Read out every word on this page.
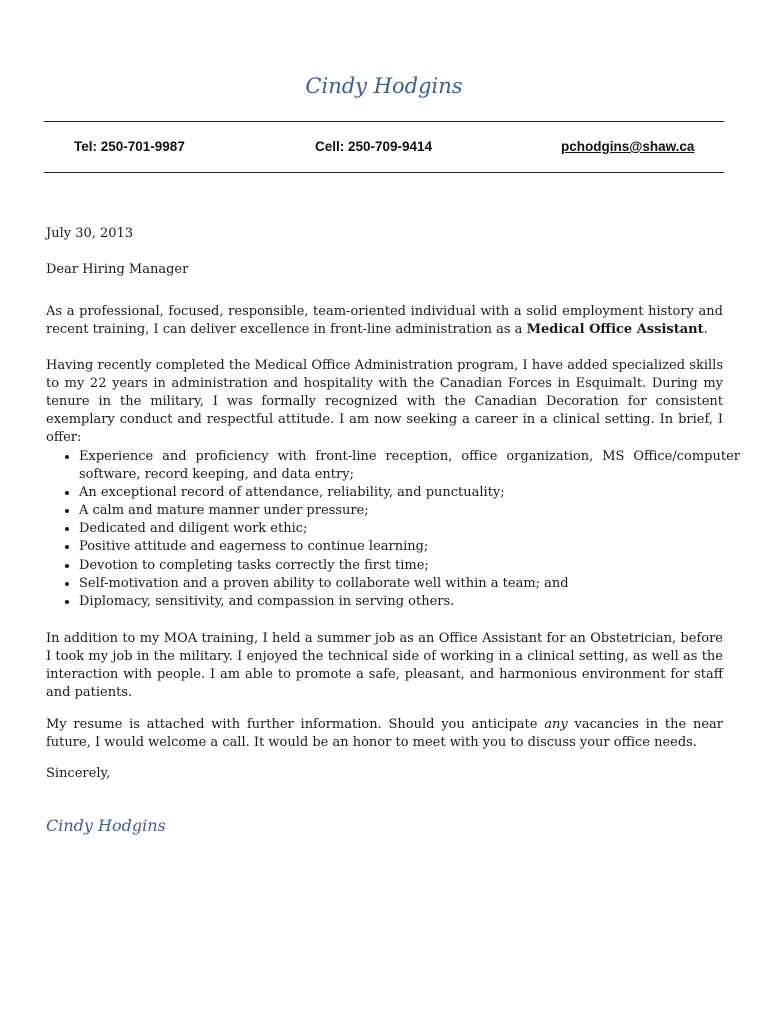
Cindy Hodgins
Tel: 250-701-9987	Cell: 250-709-9414	pchodgins@shaw.ca
July 30, 2013
Dear Hiring Manager
As a professional, focused, responsible, team-oriented individual with a solid employment history and recent training, I can deliver excellence in front-line administration as a Medical Office Assistant.
Having recently completed the Medical Office Administration program, I have added specialized skills to my 22 years in administration and hospitality with the Canadian Forces in Esquimalt. During my tenure in the military, I was formally recognized with the Canadian Decoration for consistent exemplary conduct and respectful attitude. I am now seeking a career in a clinical setting. In brief, I offer:
• Experience and proficiency with front-line reception, office organization, MS Office/computer software, record keeping, and data entry;
• An exceptional record of attendance, reliability, and punctuality;
• A calm and mature manner under pressure;
• Dedicated and diligent work ethic;
• Positive attitude and eagerness to continue learning;
• Devotion to completing tasks correctly the first time;
• Self-motivation and a proven ability to collaborate well within a team; and
• Diplomacy, sensitivity, and compassion in serving others.
In addition to my MOA training, I held a summer job as an Office Assistant for an Obstetrician, before I took my job in the military. I enjoyed the technical side of working in a clinical setting, as well as the interaction with people. I am able to promote a safe, pleasant, and harmonious environment for staff and patients.
My resume is attached with further information. Should you anticipate any vacancies in the near future, I would welcome a call. It would be an honor to meet with you to discuss your office needs.
Sincerely,
Cindy Hodgins
